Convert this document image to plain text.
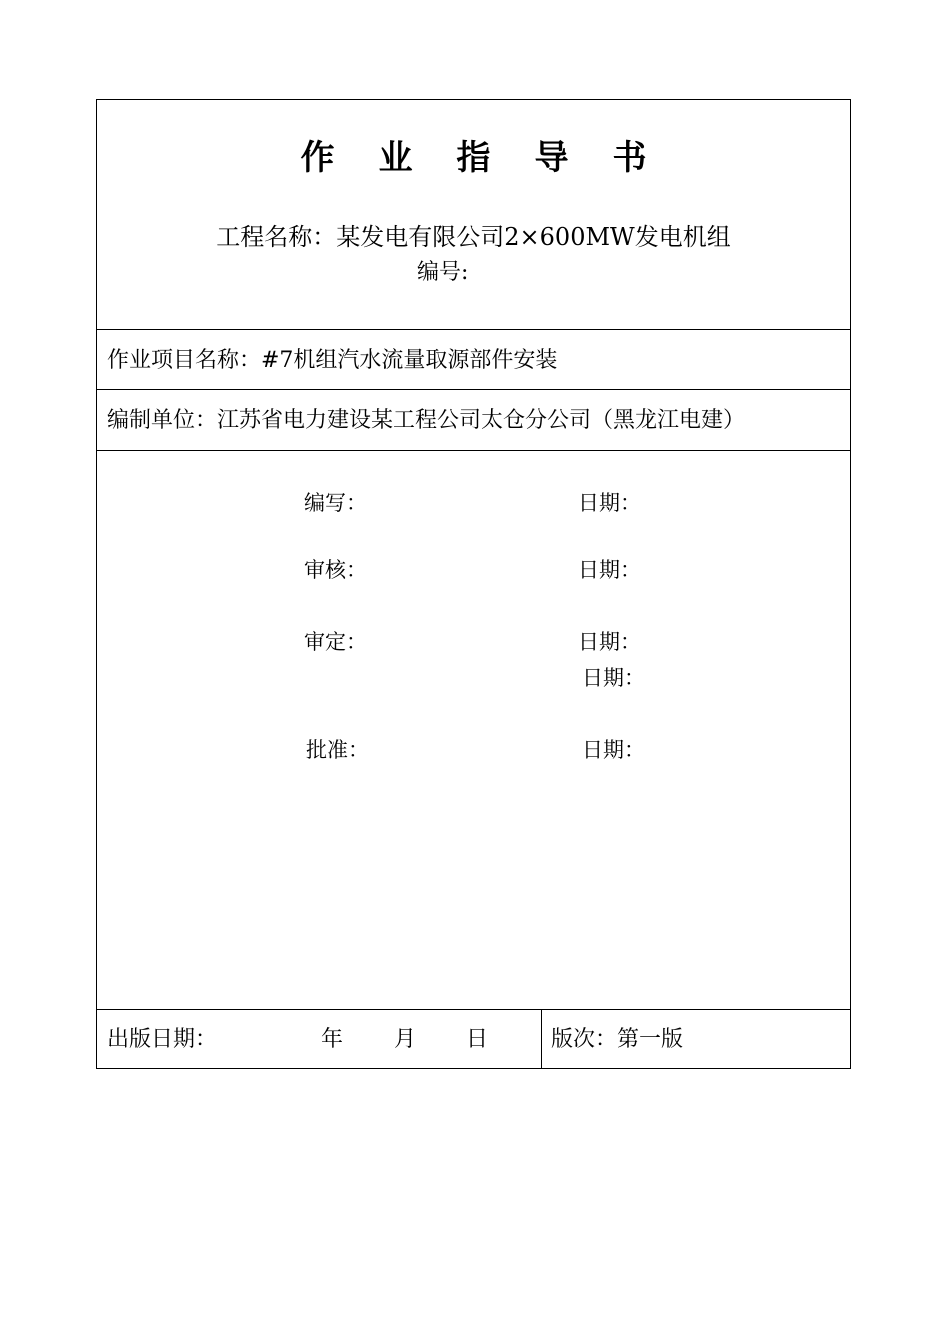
作 业 指 导 书
工程名称：某发电有限公司2×600MW发电机组
编号:
作业项目名称：#7机组汽水流量取源部件安装
编制单位：江苏省电力建设某工程公司太仓分公司（黑龙江电建）
编写：	日期：
审核：	日期：
审定：	日期：
日期：
批准：	日期：
出版日期：	年 月 日	版次：第一版
